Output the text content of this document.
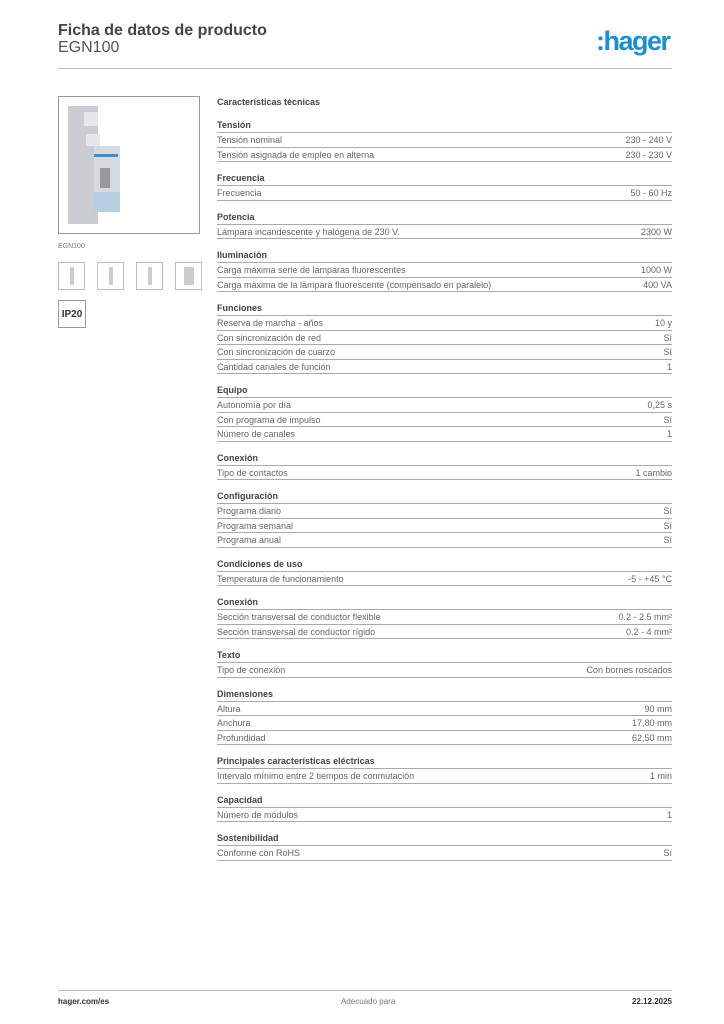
Ficha de datos de producto
EGN100	:hager
EGN100
IP20
Características técnicas
Tensión
Tensión nominal	230 - 240 V
Tensión asignada de empleo en alterna	230 - 230 V
Frecuencia
Frecuencia	50 - 60 Hz
Potencia
Lámpara incandescente y halógena de 230 V.	2300 W
Iluminación
Carga máxima serie de lámparas fluorescentes	1000 W
Carga máxima de la lámpara fluorescente (compensado en paralelo)	400 VA
Funciones
Reserva de marcha - años	10 y
Con sincronización de red	Sí
Con sincronización de cuarzo	Sí
Cantidad canales de función	1
Equipo
Autonomía por día	0,25 s
Con programa de impulso	Sí
Número de canales	1
Conexión
Tipo de contactos	1 cambio
Configuración
Programa diario	Sí
Programa semanal	Sí
Programa anual	Sí
Condiciones de uso
Temperatura de funcionamiento	-5 - +45 °C
Conexión
Sección transversal de conductor flexible	0.2 - 2.5 mm²
Sección transversal de conductor rígido	0.2 - 4 mm²
Texto
Tipo de conexión	Con bornes roscados
Dimensiones
Altura	90 mm
Anchura	17,80 mm
Profundidad	62,50 mm
Principales características eléctricas
Intervalo mínimo entre 2 tiempos de conmutación	1 min
Capacidad
Número de módulos	1
Sostenibilidad
Conforme con RoHS	Sí
hager.com/es	Adecuado para	22.12.2025
